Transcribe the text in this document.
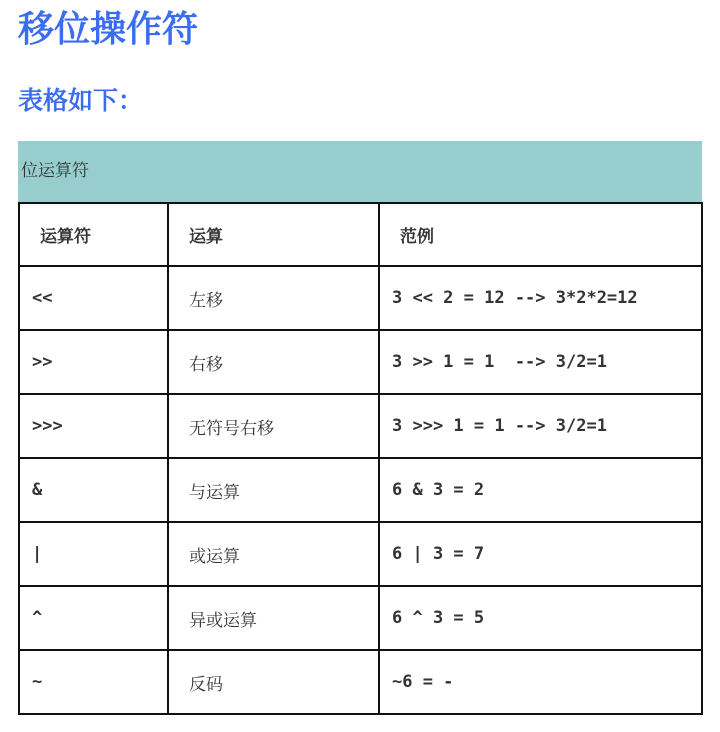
移位操作符
表格如下：
位运算符
运算符	运算	范例
<<	左移	3 << 2 = 12 --> 3*2*2=12
>>	右移	3 >> 1 = 1  --> 3/2=1
>>>	无符号右移	3 >>> 1 = 1 --> 3/2=1
&	与运算	6 & 3 = 2
|	或运算	6 | 3 = 7
^	异或运算	6 ^ 3 = 5
~	反码	~6 = -
